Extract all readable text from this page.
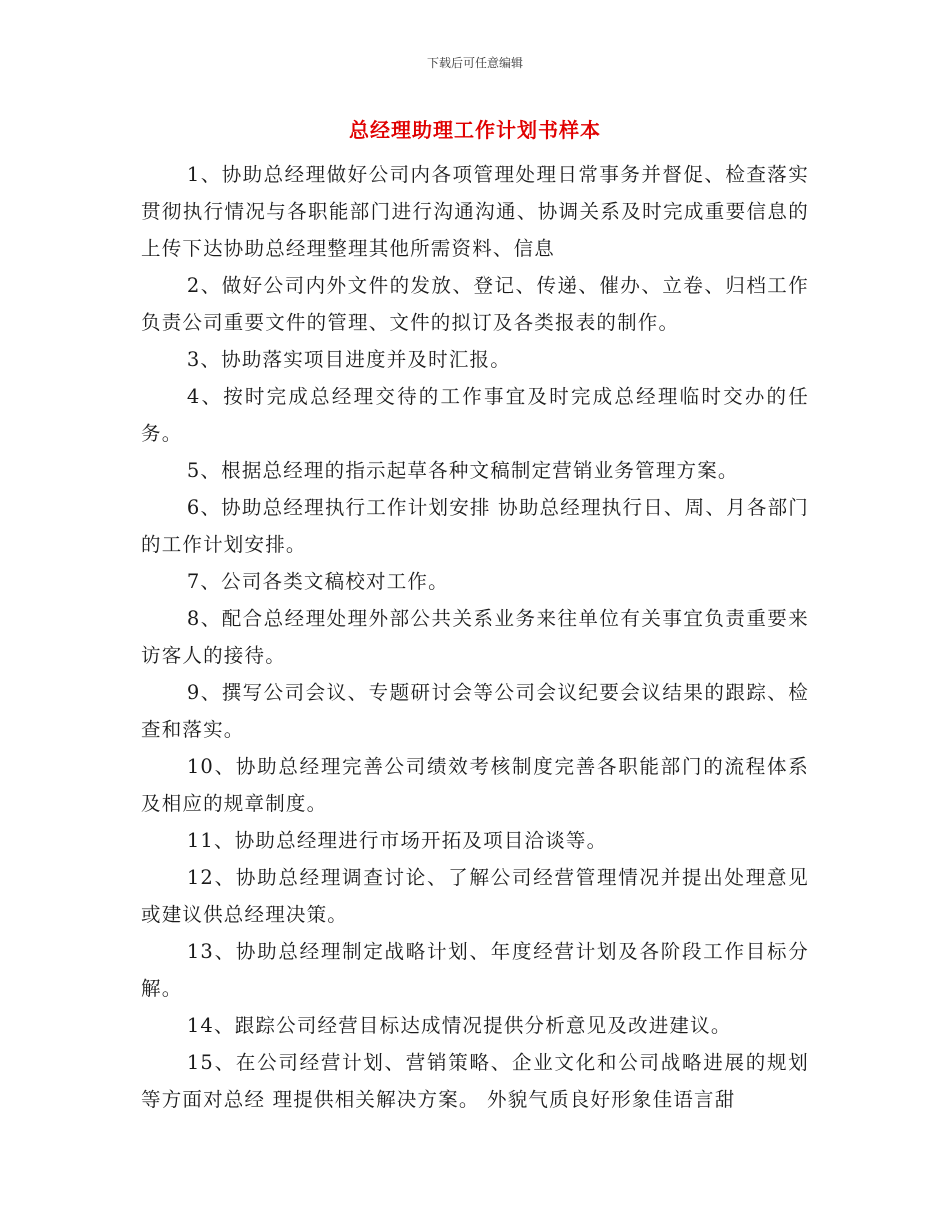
下载后可任意编辑
总经理助理工作计划书样本

1、协助总经理做好公司内各项管理处理日常事务并督促、检查落实贯彻执行情况与各职能部门进行沟通沟通、协调关系及时完成重要信息的上传下达协助总经理整理其他所需资料、信息

2、做好公司内外文件的发放、登记、传递、催办、立卷、归档工作负责公司重要文件的管理、文件的拟订及各类报表的制作。

3、协助落实项目进度并及时汇报。

4、按时完成总经理交待的工作事宜及时完成总经理临时交办的任务。

5、根据总经理的指示起草各种文稿制定营销业务管理方案。

6、协助总经理执行工作计划安排 协助总经理执行日、周、月各部门的工作计划安排。

7、公司各类文稿校对工作。

8、配合总经理处理外部公共关系业务来往单位有关事宜负责重要来访客人的接待。

9、撰写公司会议、专题研讨会等公司会议纪要会议结果的跟踪、检查和落实。

10、协助总经理完善公司绩效考核制度完善各职能部门的流程体系及相应的规章制度。

11、协助总经理进行市场开拓及项目洽谈等。

12、协助总经理调查讨论、了解公司经营管理情况并提出处理意见或建议供总经理决策。

13、协助总经理制定战略计划、年度经营计划及各阶段工作目标分解。

14、跟踪公司经营目标达成情况提供分析意见及改进建议。

15、在公司经营计划、营销策略、企业文化和公司战略进展的规划等方面对总经 理提供相关解决方案。 外貌气质良好形象佳语言甜
